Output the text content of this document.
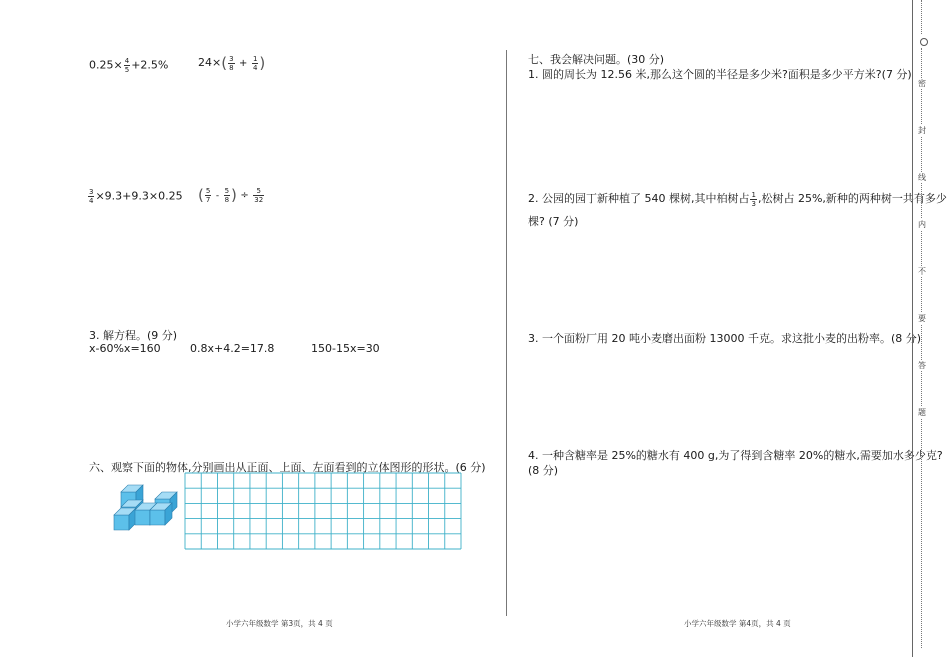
$0.25\times \frac{4}{5} +2.5\%$	$24\times( \frac{3}{8} + \frac{1}{4}$ )
$\frac{3}{4} \times 9.3+9.3\times 0.25$ ( $\frac{5}{7} - \frac{5}{8}$ ) ÷ $\frac{5}{32}$
3. 解方程。(9 分)
x-60%x=160	0.8x+4.2=17.8	150-15x=30
六、观察下面的物体,分别画出从正面、上面、左面看到的立体图形的形状。(6 分)
小学六年级数学 第3页，共 4 页
七、我会解决问题。(30 分)
1. 圆的周长为 12.56 米,那么这个圆的半径是多少米?面积是多少平方米?(7 分)
2. 公园的园丁新种植了 540 棵树,其中柏树占 $\frac{1}{3}$ ,松树占 25%,新种的两种树一共有多少
棵? (7 分)
3. 一个面粉厂用 20 吨小麦磨出面粉 13000 千克。求这批小麦的出粉率。(8 分)
4. 一种含糖率是 25%的糖水有 400 g,为了得到含糖率 20%的糖水,需要加水多少克?
(8 分)
小学六年级数学 第4页，共 4 页
密
封
线
内
不
要
答
题
